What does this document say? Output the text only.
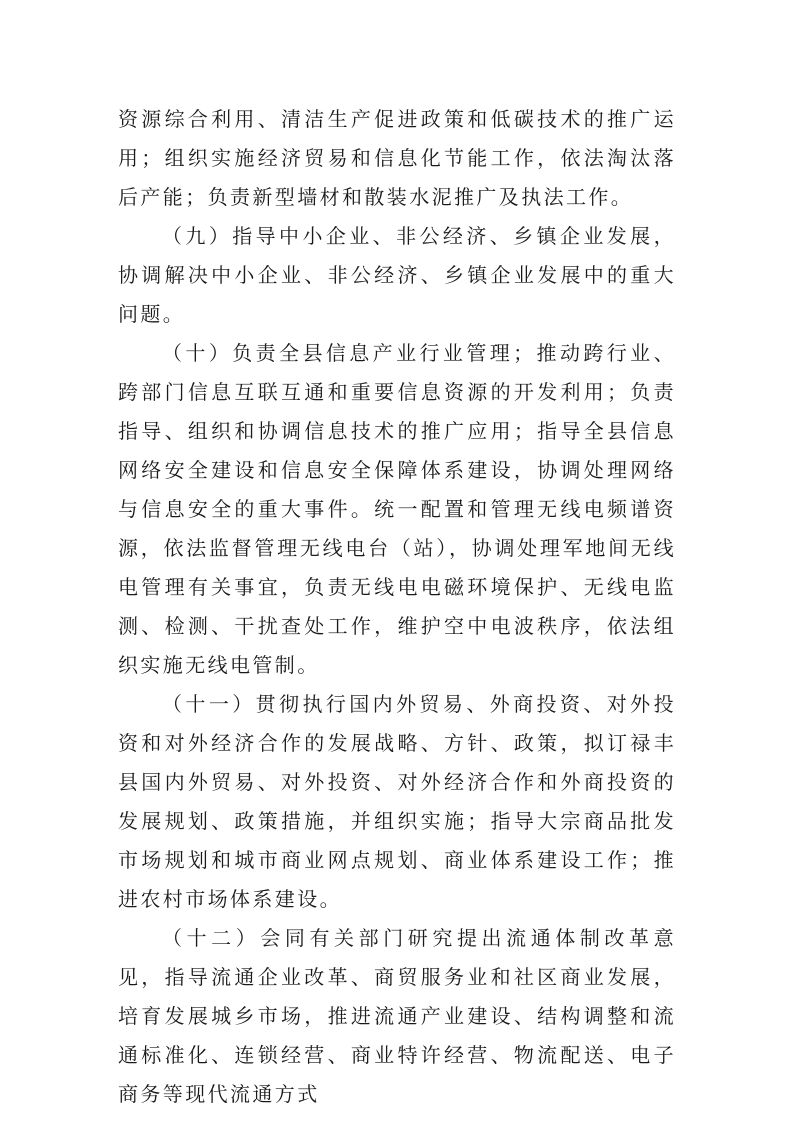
资源综合利用、清洁生产促进政策和低碳技术的推广运用；组织实施经济贸易和信息化节能工作，依法淘汰落后产能；负责新型墙材和散装水泥推广及执法工作。

（九）指导中小企业、非公经济、乡镇企业发展，协调解决中小企业、非公经济、乡镇企业发展中的重大问题。

（十）负责全县信息产业行业管理；推动跨行业、跨部门信息互联互通和重要信息资源的开发利用；负责指导、组织和协调信息技术的推广应用；指导全县信息网络安全建设和信息安全保障体系建设，协调处理网络与信息安全的重大事件。统一配置和管理无线电频谱资源，依法监督管理无线电台（站），协调处理军地间无线电管理有关事宜，负责无线电电磁环境保护、无线电监测、检测、干扰查处工作，维护空中电波秩序，依法组织实施无线电管制。

（十一）贯彻执行国内外贸易、外商投资、对外投资和对外经济合作的发展战略、方针、政策，拟订禄丰县国内外贸易、对外投资、对外经济合作和外商投资的发展规划、政策措施，并组织实施；指导大宗商品批发市场规划和城市商业网点规划、商业体系建设工作；推进农村市场体系建设。

（十二）会同有关部门研究提出流通体制改革意见，指导流通企业改革、商贸服务业和社区商业发展，培育发展城乡市场，推进流通产业建设、结构调整和流通标准化、连锁经营、商业特许经营、物流配送、电子商务等现代流通方式
